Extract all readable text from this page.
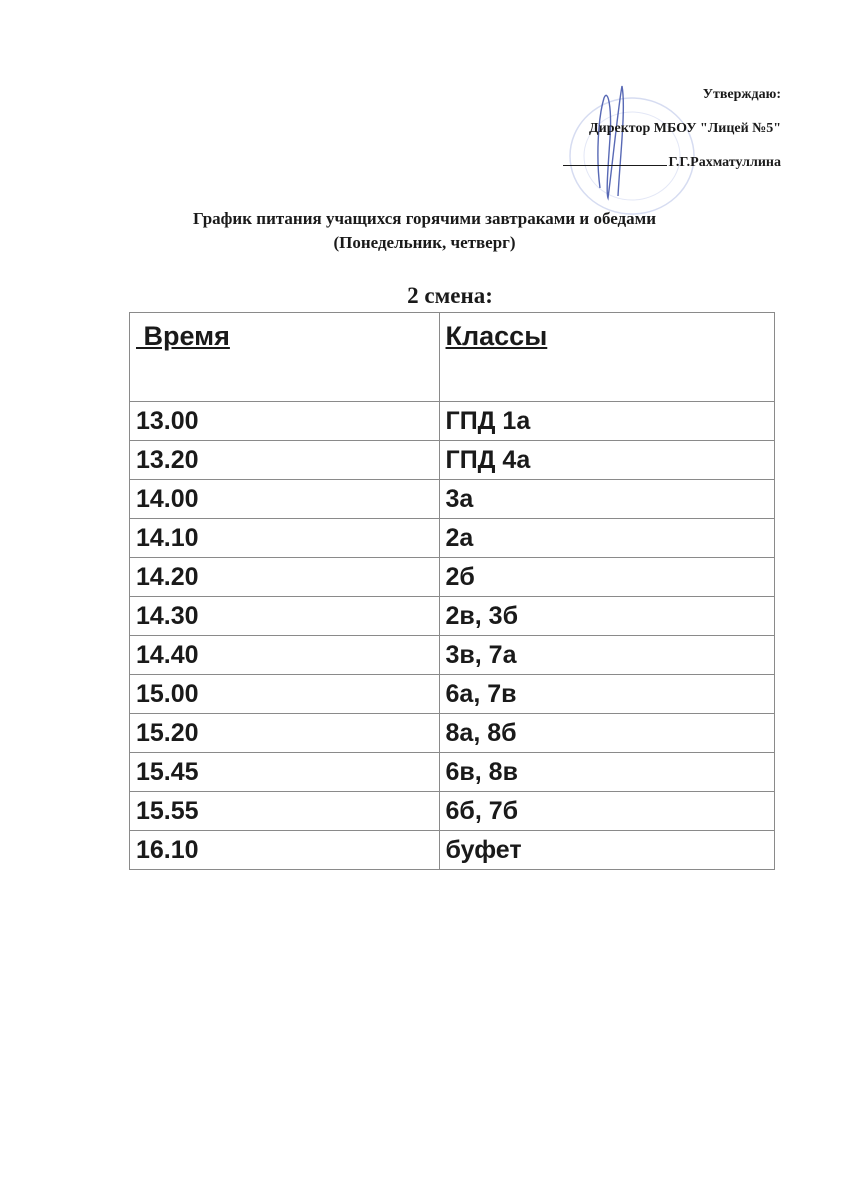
Утверждаю:
Директор МБОУ "Лицей №5"
Г.Г.Рахматуллина
График питания учащихся горячими завтраками и обедами
(Понедельник, четверг)
2 смена:
Время	Классы
13.00	ГПД 1а
13.20	ГПД 4а
14.00	3а
14.10	2а
14.20	2б
14.30	2в, 3б
14.40	3в, 7а
15.00	6а, 7в
15.20	8а, 8б
15.45	6в, 8в
15.55	6б, 7б
16.10	буфет
